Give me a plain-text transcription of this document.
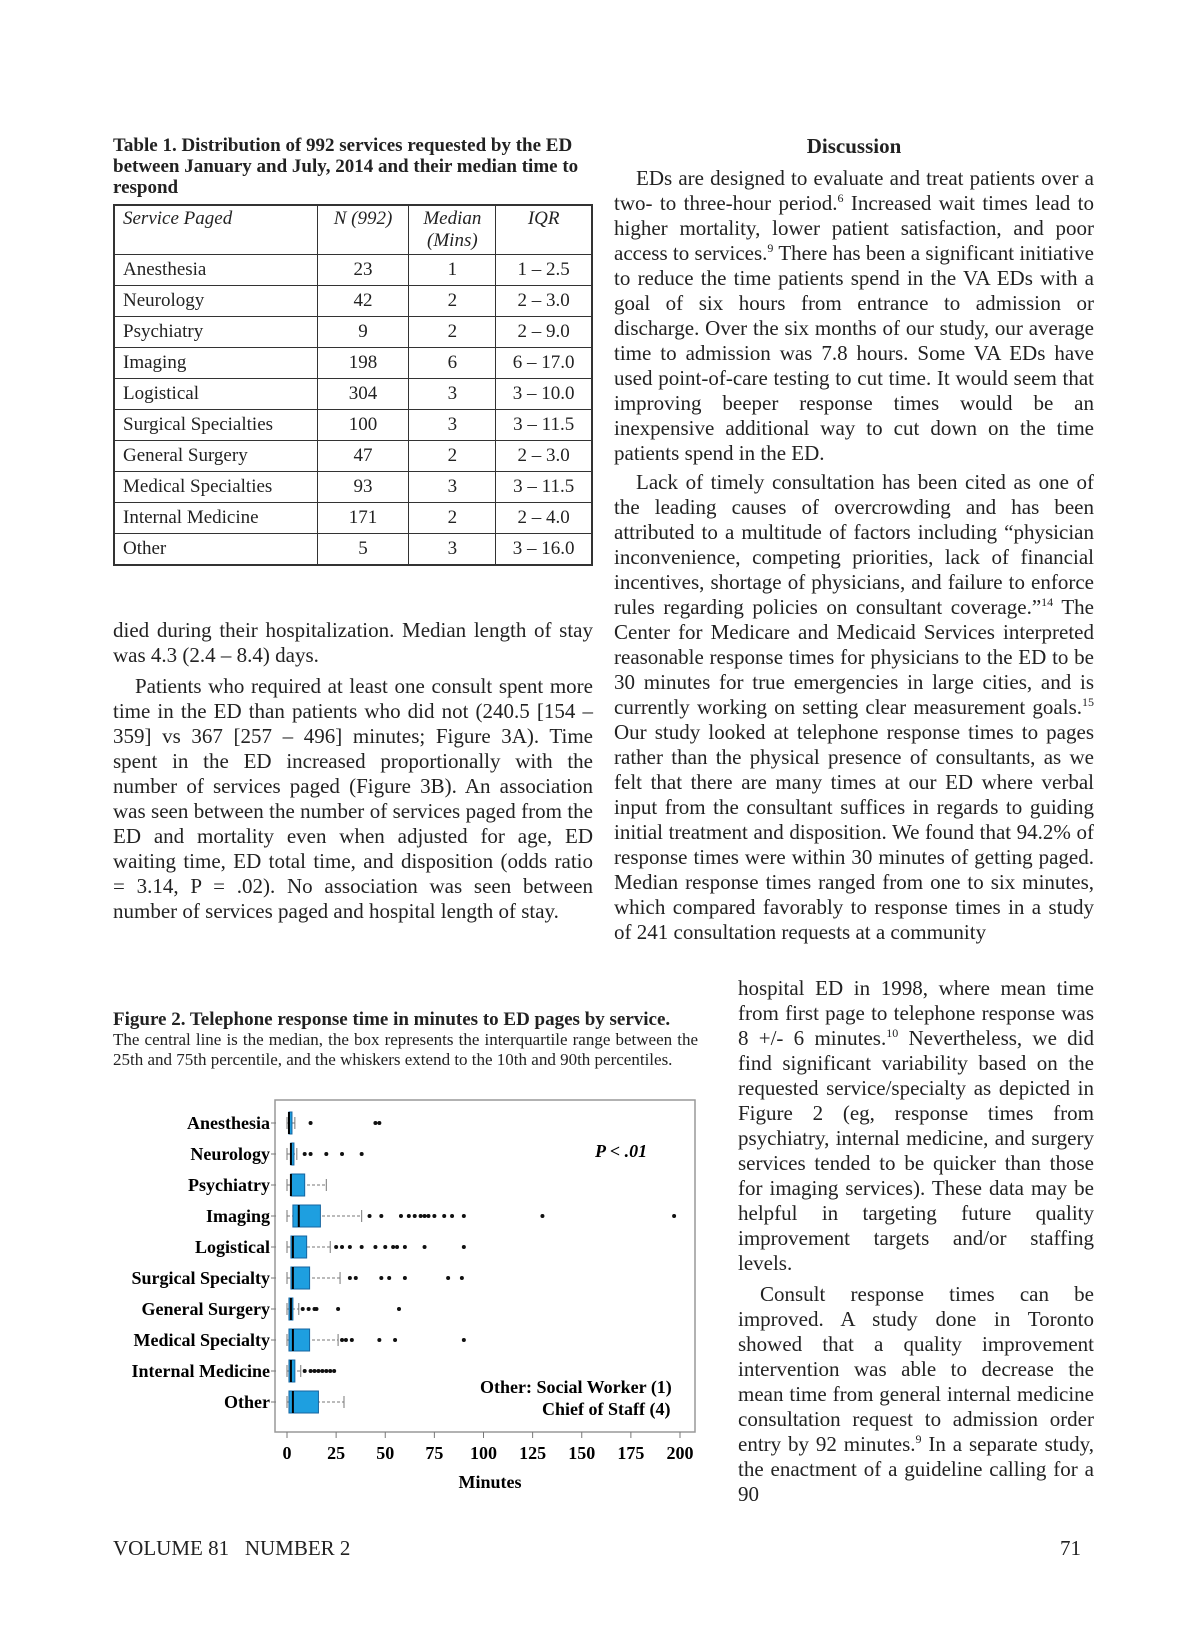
Table 1. Distribution of 992 services requested by the ED between January and July, 2014 and their median time to respond
Service Paged	N (992)	Median (Mins)	IQR
Anesthesia	23	1	1 – 2.5
Neurology	42	2	2 – 3.0
Psychiatry	9	2	2 – 9.0
Imaging	198	6	6 – 17.0
Logistical	304	3	3 – 10.0
Surgical Specialties	100	3	3 – 11.5
General Surgery	47	2	2 – 3.0
Medical Specialties	93	3	3 – 11.5
Internal Medicine	171	2	2 – 4.0
Other	5	3	3 – 16.0

died during their hospitalization. Median length of stay was 4.3 (2.4 – 8.4) days.

Patients who required at least one consult spent more time in the ED than patients who did not (240.5 [154 – 359] vs 367 [257 – 496] minutes; Figure 3A). Time spent in the ED increased proportionally with the number of services paged (Figure 3B). An association was seen between the number of services paged from the ED and mortality even when adjusted for age, ED waiting time, ED total time, and disposition (odds ratio = 3.14, P = .02). No association was seen between number of services paged and hospital length of stay.

Figure 2. Telephone response time in minutes to ED pages by service.
The central line is the median, the box represents the interquartile range between the 25th and 75th percentile, and the whiskers extend to the 10th and 90th percentiles.
Anesthesia
Neurology
Psychiatry
Imaging
Logistical
Surgical Specialty
General Surgery
Medical Specialty
Internal Medicine
Other
0 25 50 75 100 125 150 175 200
P < .01
Other: Social Worker (1)
Chief of Staff (4)
Minutes
Discussion

EDs are designed to evaluate and treat patients over a two- to three-hour period.$^6$ Increased wait times lead to higher mortality, lower patient satisfaction, and poor access to services.$^9$ There has been a significant initiative to reduce the time patients spend in the VA EDs with a goal of six hours from entrance to admission or discharge. Over the six months of our study, our average time to admission was 7.8 hours. Some VA EDs have used point-of-care testing to cut time. It would seem that improving beeper response times would be an inexpensive additional way to cut down on the time patients spend in the ED.

Lack of timely consultation has been cited as one of the leading causes of overcrowding and has been attributed to a multitude of factors including “physician inconvenience, competing priorities, lack of financial incentives, shortage of physicians, and failure to enforce rules regarding policies on consultant coverage.”$^{14}$ The Center for Medicare and Medicaid Services interpreted reasonable response times for physicians to the ED to be 30 minutes for true emergencies in large cities, and is currently working on setting clear measurement goals.$^{15}$ Our study looked at telephone response times to pages rather than the physical presence of consultants, as we felt that there are many times at our ED where verbal input from the consultant suffices in regards to guiding initial treatment and disposition. We found that 94.2% of response times were within 30 minutes of getting paged. Median response times ranged from one to six minutes, which compared favorably to response times in a study of 241 consultation requests at a community

hospital ED in 1998, where mean time from first page to telephone response was 8 +/- 6 minutes.$^{10}$ Nevertheless, we did find significant variability based on the requested service/specialty as depicted in Figure 2 (eg, response times from psychiatry, internal medicine, and surgery services tended to be quicker than those for imaging services). These data may be helpful in targeting future quality improvement targets and/or staffing levels.

Consult response times can be improved. A study done in Toronto showed that a quality improvement intervention was able to decrease the mean time from general internal medicine consultation request to admission order entry by 92 minutes.$^9$ In a separate study, the enactment of a guideline calling for a 90

VOLUME 81   NUMBER 2	71
